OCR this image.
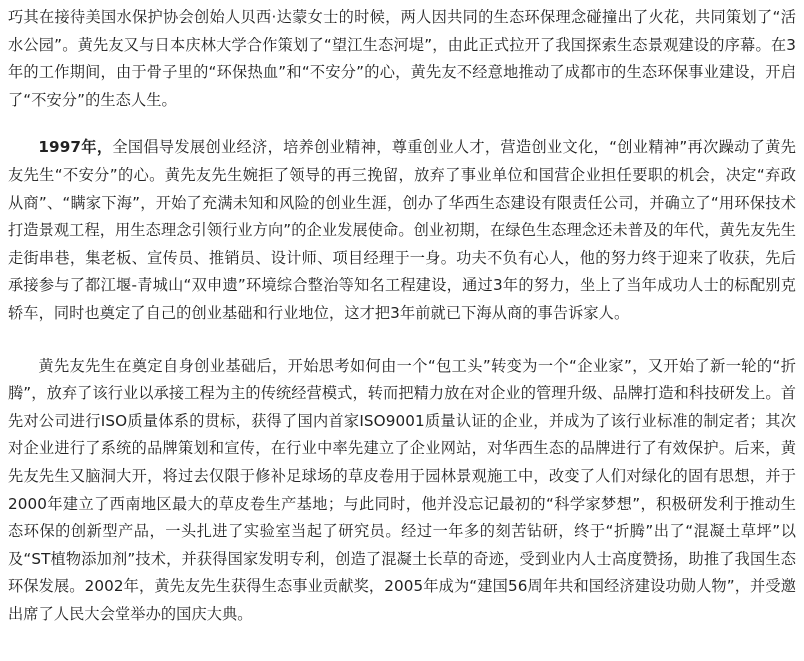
巧其在接待美国水保护协会创始人贝西·达蒙女士的时候，两人因共同的生态环保理念碰撞出了火花，共同策划了“活水公园”。黄先友又与日本庆林大学合作策划了“望江生态河堤”，由此正式拉开了我国探索生态景观建设的序幕。在3年的工作期间，由于骨子里的“环保热血”和“不安分”的心，黄先友不经意地推动了成都市的生态环保事业建设，开启了“不安分”的生态人生。

1997年，全国倡导发展创业经济，培养创业精神，尊重创业人才，营造创业文化，“创业精神”再次躁动了黄先友先生“不安分”的心。黄先友先生婉拒了领导的再三挽留，放弃了事业单位和国营企业担任要职的机会，决定“弃政从商”、“瞒家下海”，开始了充满未知和风险的创业生涯，创办了华西生态建设有限责任公司，并确立了“用环保技术打造景观工程，用生态理念引领行业方向”的企业发展使命。创业初期，在绿色生态理念还未普及的年代，黄先友先生走街串巷，集老板、宣传员、推销员、设计师、项目经理于一身。功夫不负有心人，他的努力终于迎来了收获，先后承接参与了都江堰-青城山“双申遗”环境综合整治等知名工程建设，通过3年的努力，坐上了当年成功人士的标配别克轿车，同时也奠定了自己的创业基础和行业地位，这才把3年前就已下海从商的事告诉家人。

黄先友先生在奠定自身创业基础后，开始思考如何由一个“包工头”转变为一个“企业家”，又开始了新一轮的“折腾”，放弃了该行业以承接工程为主的传统经营模式，转而把精力放在对企业的管理升级、品牌打造和科技研发上。首先对公司进行ISO质量体系的贯标，获得了国内首家ISO9001质量认证的企业，并成为了该行业标准的制定者；其次对企业进行了系统的品牌策划和宣传，在行业中率先建立了企业网站，对华西生态的品牌进行了有效保护。后来，黄先友先生又脑洞大开，将过去仅限于修补足球场的草皮卷用于园林景观施工中，改变了人们对绿化的固有思想，并于2000年建立了西南地区最大的草皮卷生产基地；与此同时，他并没忘记最初的“科学家梦想”，积极研发利于推动生态环保的创新型产品，一头扎进了实验室当起了研究员。经过一年多的刻苦钻研，终于“折腾”出了“混凝土草坪”以及“ST植物添加剂”技术，并获得国家发明专利，创造了混凝土长草的奇迹，受到业内人士高度赞扬，助推了我国生态环保发展。2002年，黄先友先生获得生态事业贡献奖，2005年成为“建国56周年共和国经济建设功勋人物”，并受邀出席了人民大会堂举办的国庆大典。
